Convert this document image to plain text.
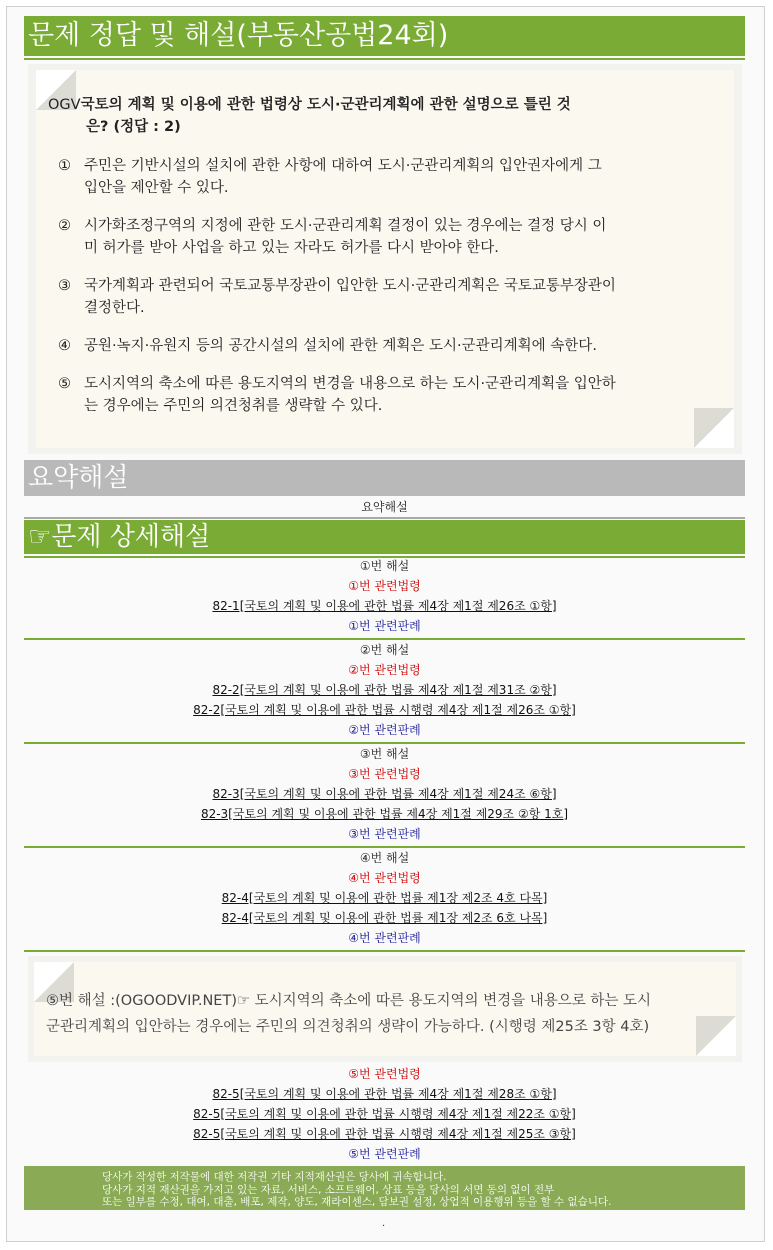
문제 정답 및 해설(부동산공법24회)
OGV국토의 계획 및 이용에 관한 법령상 도시·군관리계획에 관한 설명으로 틀린 것
은? (정답 : 2)
① 주민은 기반시설의 설치에 관한 사항에 대하여 도시·군관리계획의 입안권자에게 그
입안을 제안할 수 있다.
② 시가화조정구역의 지정에 관한 도시·군관리계획 결정이 있는 경우에는 결정 당시 이
미 허가를 받아 사업을 하고 있는 자라도 허가를 다시 받아야 한다.
③ 국가계획과 관련되어 국토교통부장관이 입안한 도시·군관리계획은 국토교통부장관이
결정한다.
④ 공원·녹지·유원지 등의 공간시설의 설치에 관한 계획은 도시·군관리계획에 속한다.
⑤ 도시지역의 축소에 따른 용도지역의 변경을 내용으로 하는 도시·군관리계획을 입안하
는 경우에는 주민의 의견청취를 생략할 수 있다.
요약해설
요약해설
☞문제 상세해설
①번 해설
①번 관련법령
82-1[국토의 계획 및 이용에 관한 법률 제4장 제1절 제26조 ①항]
①번 관련판례
②번 해설
②번 관련법령
82-2[국토의 계획 및 이용에 관한 법률 제4장 제1절 제31조 ②항]
82-2[국토의 계획 및 이용에 관한 법률 시행령 제4장 제1절 제26조 ①항]
②번 관련판례
③번 해설
③번 관련법령
82-3[국토의 계획 및 이용에 관한 법률 제4장 제1절 제24조 ⑥항]
82-3[국토의 계획 및 이용에 관한 법률 제4장 제1절 제29조 ②항 1호]
③번 관련판례
④번 해설
④번 관련법령
82-4[국토의 계획 및 이용에 관한 법률 제1장 제2조 4호 다목]
82-4[국토의 계획 및 이용에 관한 법률 제1장 제2조 6호 나목]
④번 관련판례
⑤번 해설 :(OGOODVIP.NET)☞ 도시지역의 축소에 따른 용도지역의 변경을 내용으로 하는 도시
군관리계획의 입안하는 경우에는 주민의 의견청취의 생략이 가능하다. (시행령 제25조 3항 4호)
⑤번 관련법령
82-5[국토의 계획 및 이용에 관한 법률 제4장 제1절 제28조 ①항]
82-5[국토의 계획 및 이용에 관한 법률 시행령 제4장 제1절 제22조 ①항]
82-5[국토의 계획 및 이용에 관한 법률 시행령 제4장 제1절 제25조 ③항]
⑤번 관련판례
당사가 작성한 저작물에 대한 저작권 기타 지적재산권은 당사에 귀속합니다.
당사가 지적 재산권을 가지고 있는 자료, 서비스, 소프트웨어, 상표 등을 당사의 서면 동의 없이 전부
또는 일부를 수정, 대여, 대출, 배포, 제작, 양도, 재라이센스, 담보권 설정, 상업적 이용행위 등을 할 수 없습니다.
.
